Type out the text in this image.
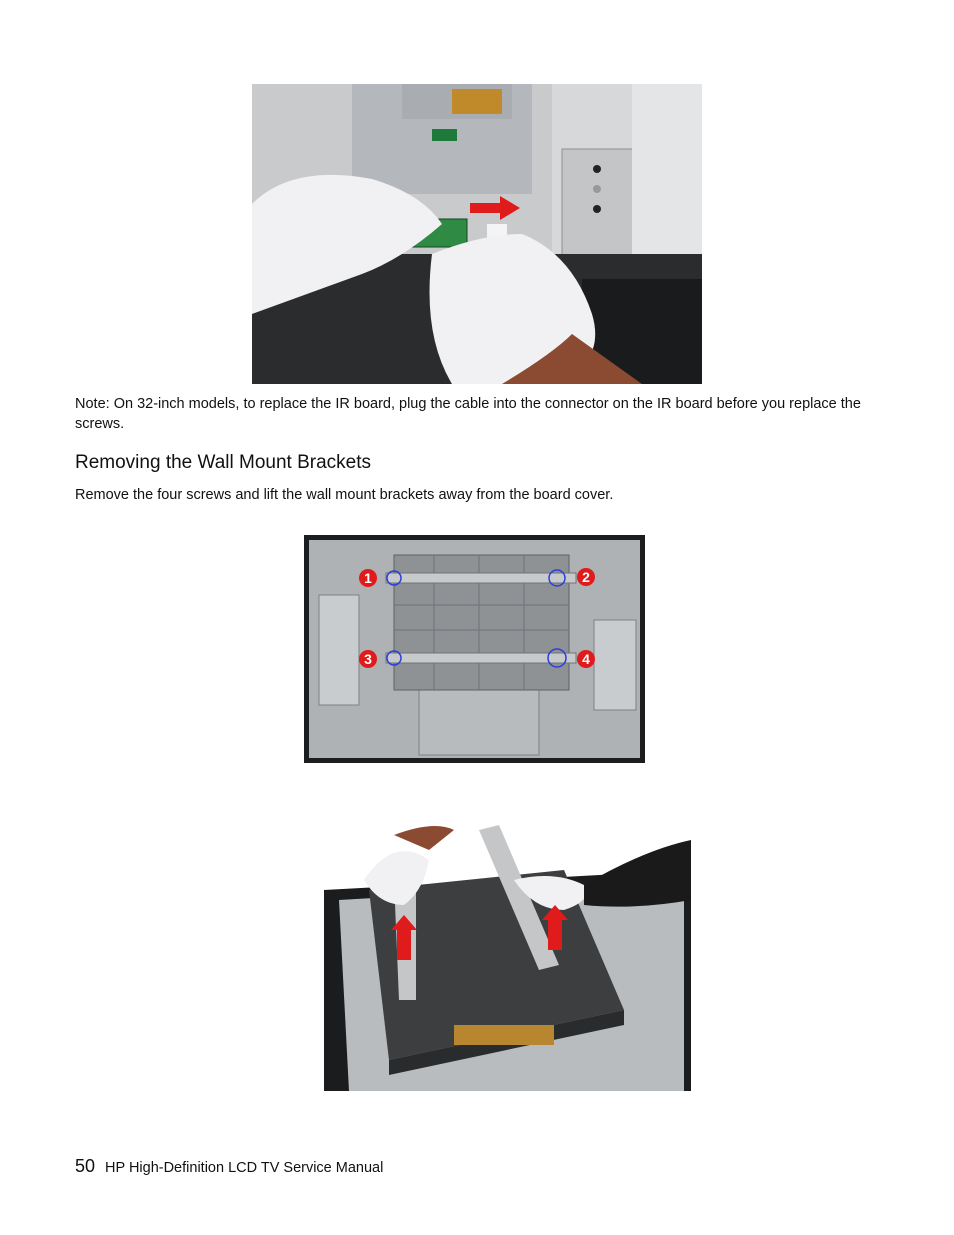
Note: On 32-inch models, to replace the IR board, plug the cable into the connector on the IR board before you replace the screws.
Removing the Wall Mount Brackets
Remove the four screws and lift the wall mount brackets away from the board cover.
1	2
3	4
50 HP High-Definition LCD TV Service Manual
